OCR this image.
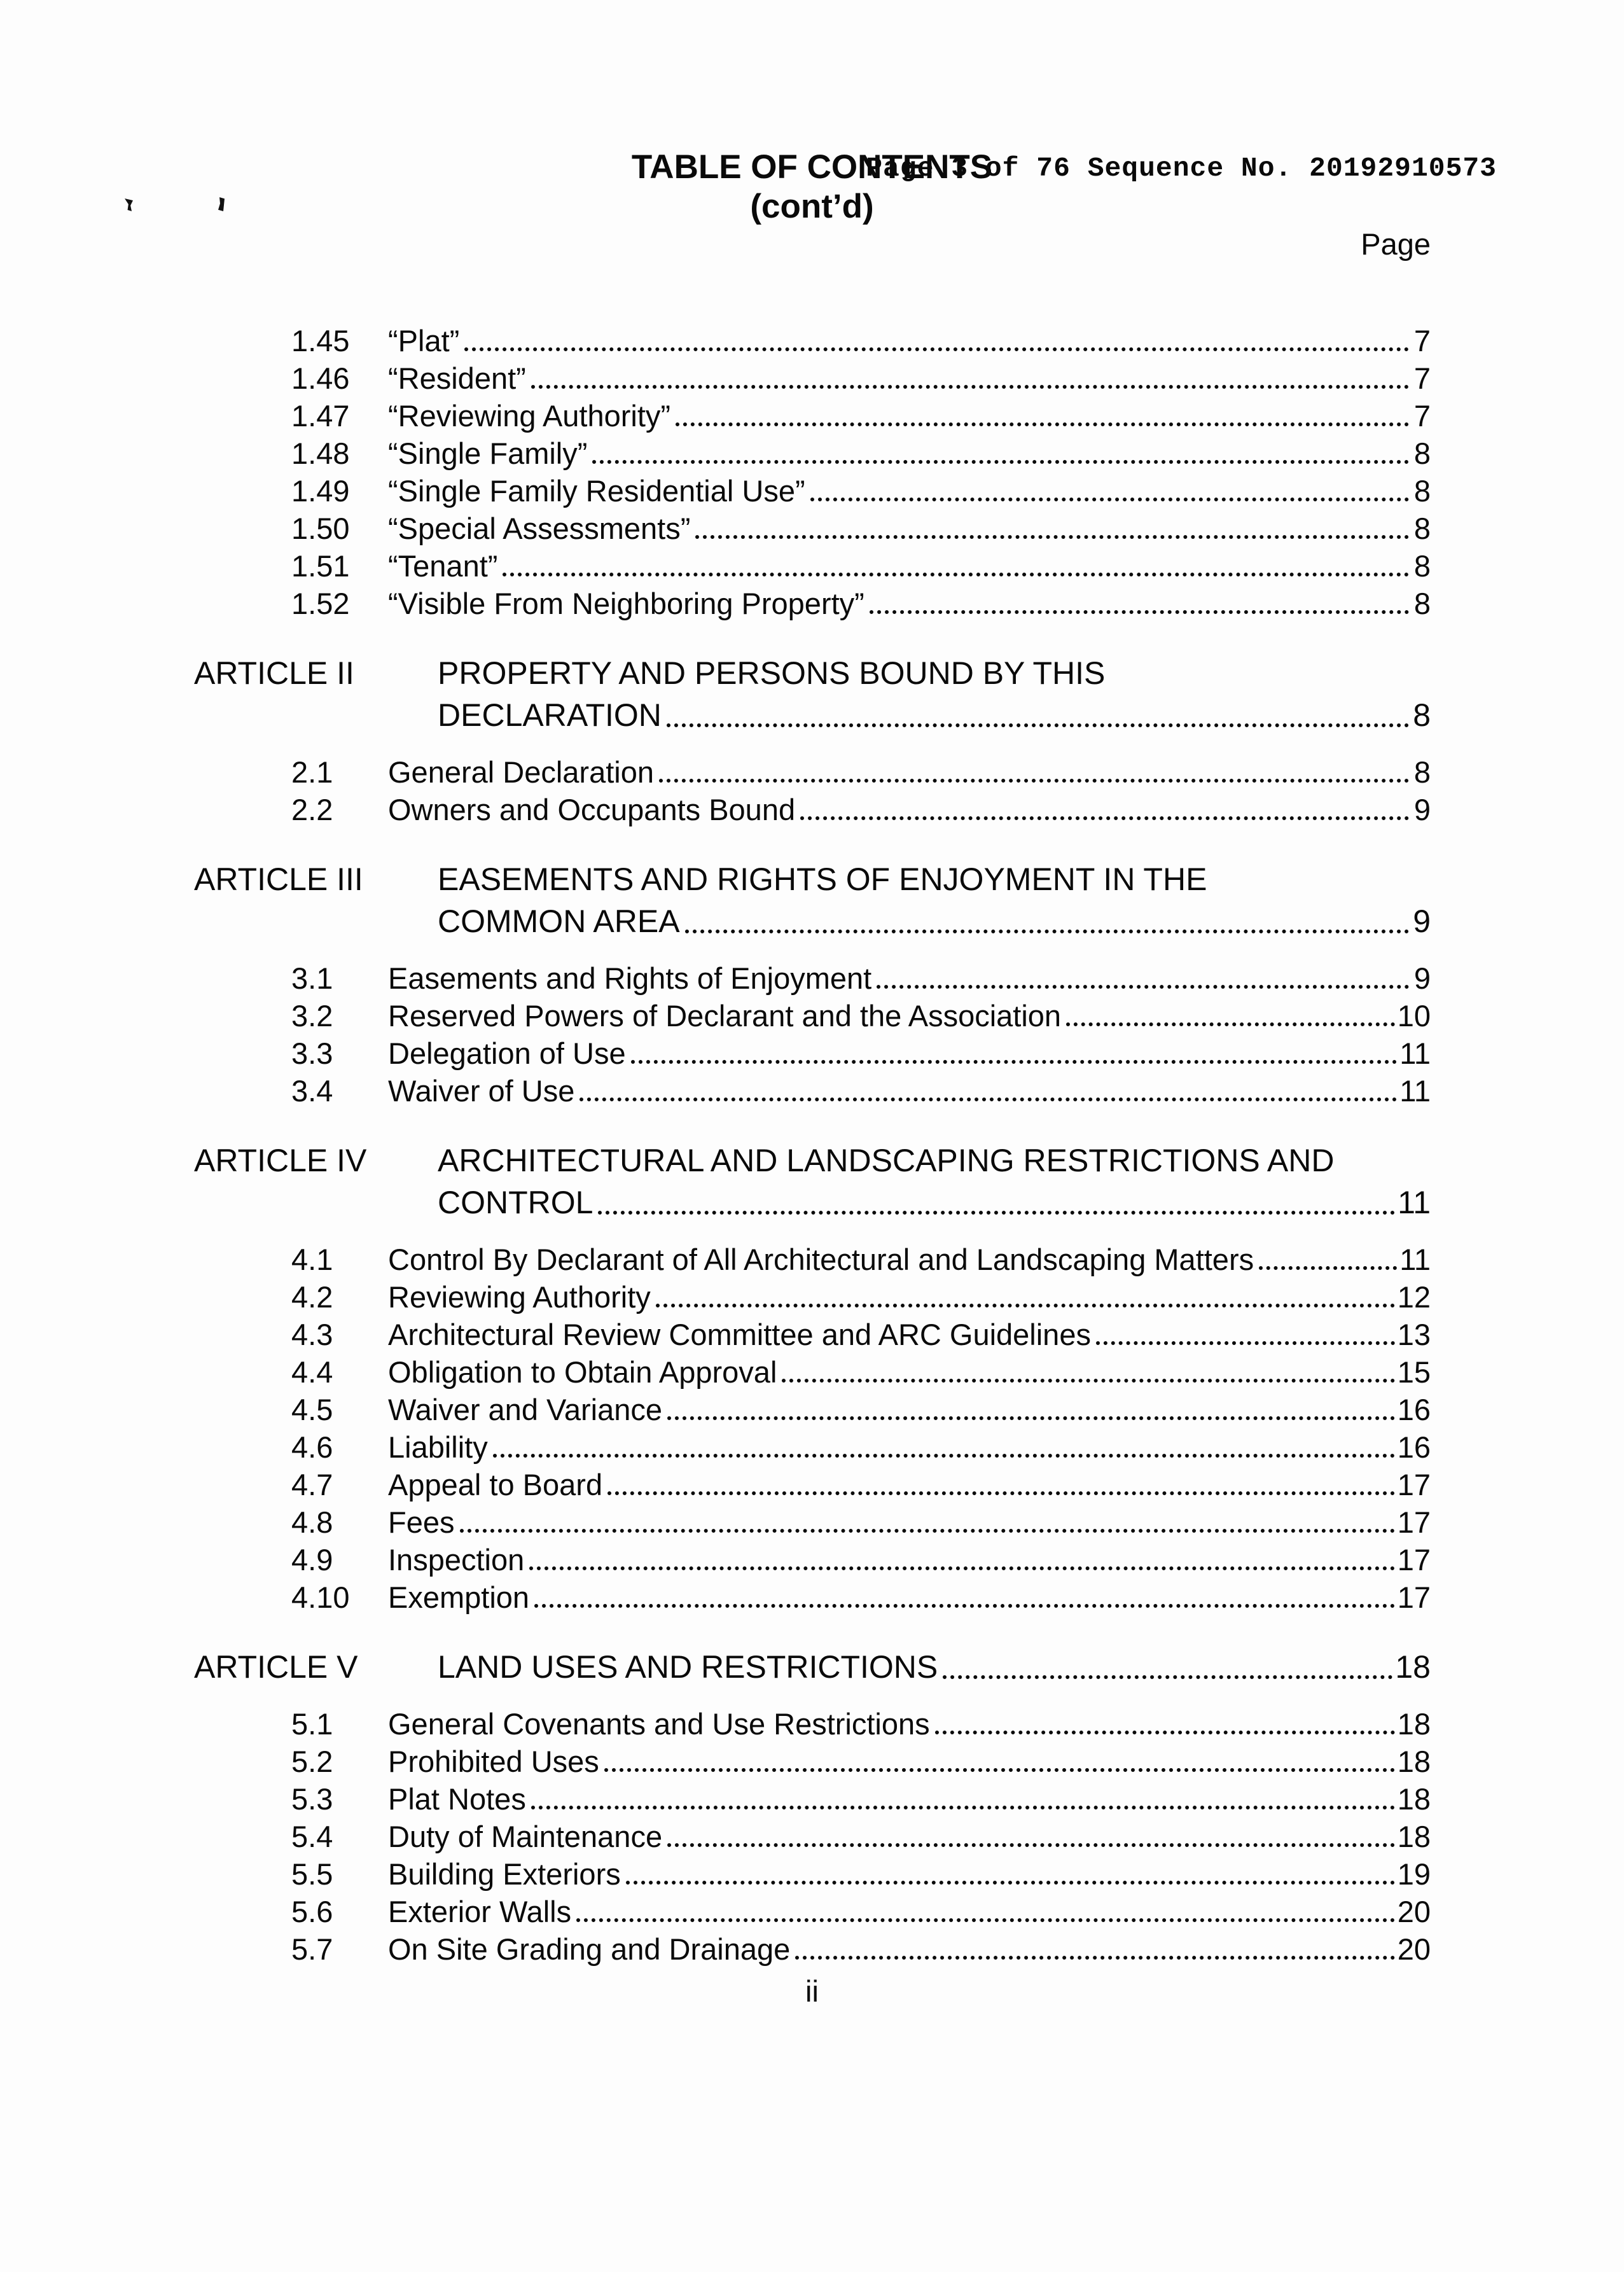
Page 3 of 76 Sequence No. 20192910573
TABLE OF CONTENTS
(cont’d)
Page
1.45	“Plat”	7
1.46	“Resident”	7
1.47	“Reviewing Authority”	7
1.48	“Single Family”	8
1.49	“Single Family Residential Use”	8
1.50	“Special Assessments”	8
1.51	“Tenant”	8
1.52	“Visible From Neighboring Property”	8
ARTICLE II	PROPERTY AND PERSONS BOUND BY THIS
DECLARATION	8
2.1	General Declaration	8
2.2	Owners and Occupants Bound	9
ARTICLE III	EASEMENTS AND RIGHTS OF ENJOYMENT IN THE
COMMON AREA	9
3.1	Easements and Rights of Enjoyment	9
3.2	Reserved Powers of Declarant and the Association	10
3.3	Delegation of Use	11
3.4	Waiver of Use	11
ARTICLE IV	ARCHITECTURAL AND LANDSCAPING RESTRICTIONS AND
CONTROL	11
4.1	Control By Declarant of All Architectural and Landscaping Matters	11
4.2	Reviewing Authority	12
4.3	Architectural Review Committee and ARC Guidelines	13
4.4	Obligation to Obtain Approval	15
4.5	Waiver and Variance	16
4.6	Liability	16
4.7	Appeal to Board	17
4.8	Fees	17
4.9	Inspection	17
4.10	Exemption	17
ARTICLE V	LAND USES AND RESTRICTIONS	18
5.1	General Covenants and Use Restrictions	18
5.2	Prohibited Uses	18
5.3	Plat Notes	18
5.4	Duty of Maintenance	18
5.5	Building Exteriors	19
5.6	Exterior Walls	20
5.7	On Site Grading and Drainage	20
ii
